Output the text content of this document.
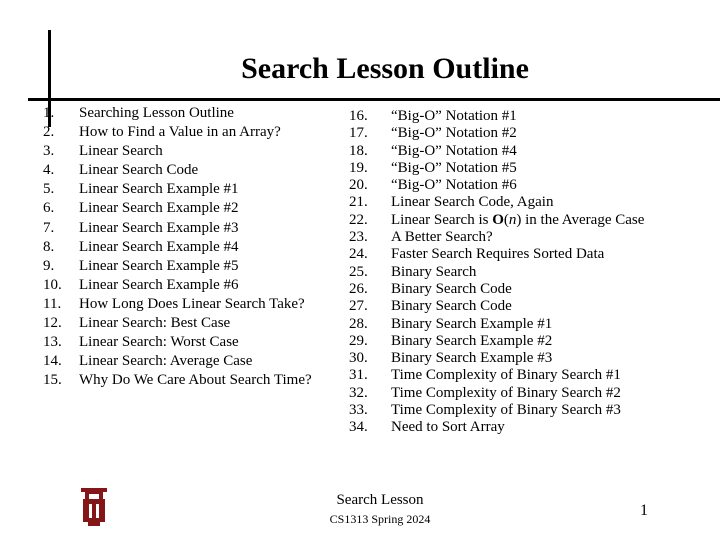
Search Lesson Outline
1.	Searching Lesson Outline
2.	How to Find a Value in an Array?
3.	Linear Search
4.	Linear Search Code
5.	Linear Search Example #1
6.	Linear Search Example #2
7.	Linear Search Example #3
8.	Linear Search Example #4
9.	Linear Search Example #5
10.	Linear Search Example #6
11.	How Long Does Linear Search Take?
12.	Linear Search: Best Case
13.	Linear Search: Worst Case
14.	Linear Search: Average Case
15.	Why Do We Care About Search Time?
16.	“Big-O” Notation #1
17.	“Big-O” Notation #2
18.	“Big-O” Notation #4
19.	“Big-O” Notation #5
20.	“Big-O” Notation #6
21.	Linear Search Code, Again
22.	Linear Search is O(n) in the Average Case
23.	A Better Search?
24.	Faster Search Requires Sorted Data
25.	Binary Search
26.	Binary Search Code
27.	Binary Search Code
28.	Binary Search Example #1
29.	Binary Search Example #2
30.	Binary Search Example #3
31.	Time Complexity of Binary Search #1
32.	Time Complexity of Binary Search #2
33.	Time Complexity of Binary Search #3
34.	Need to Sort Array
Search Lesson
CS1313 Spring 2024	1
